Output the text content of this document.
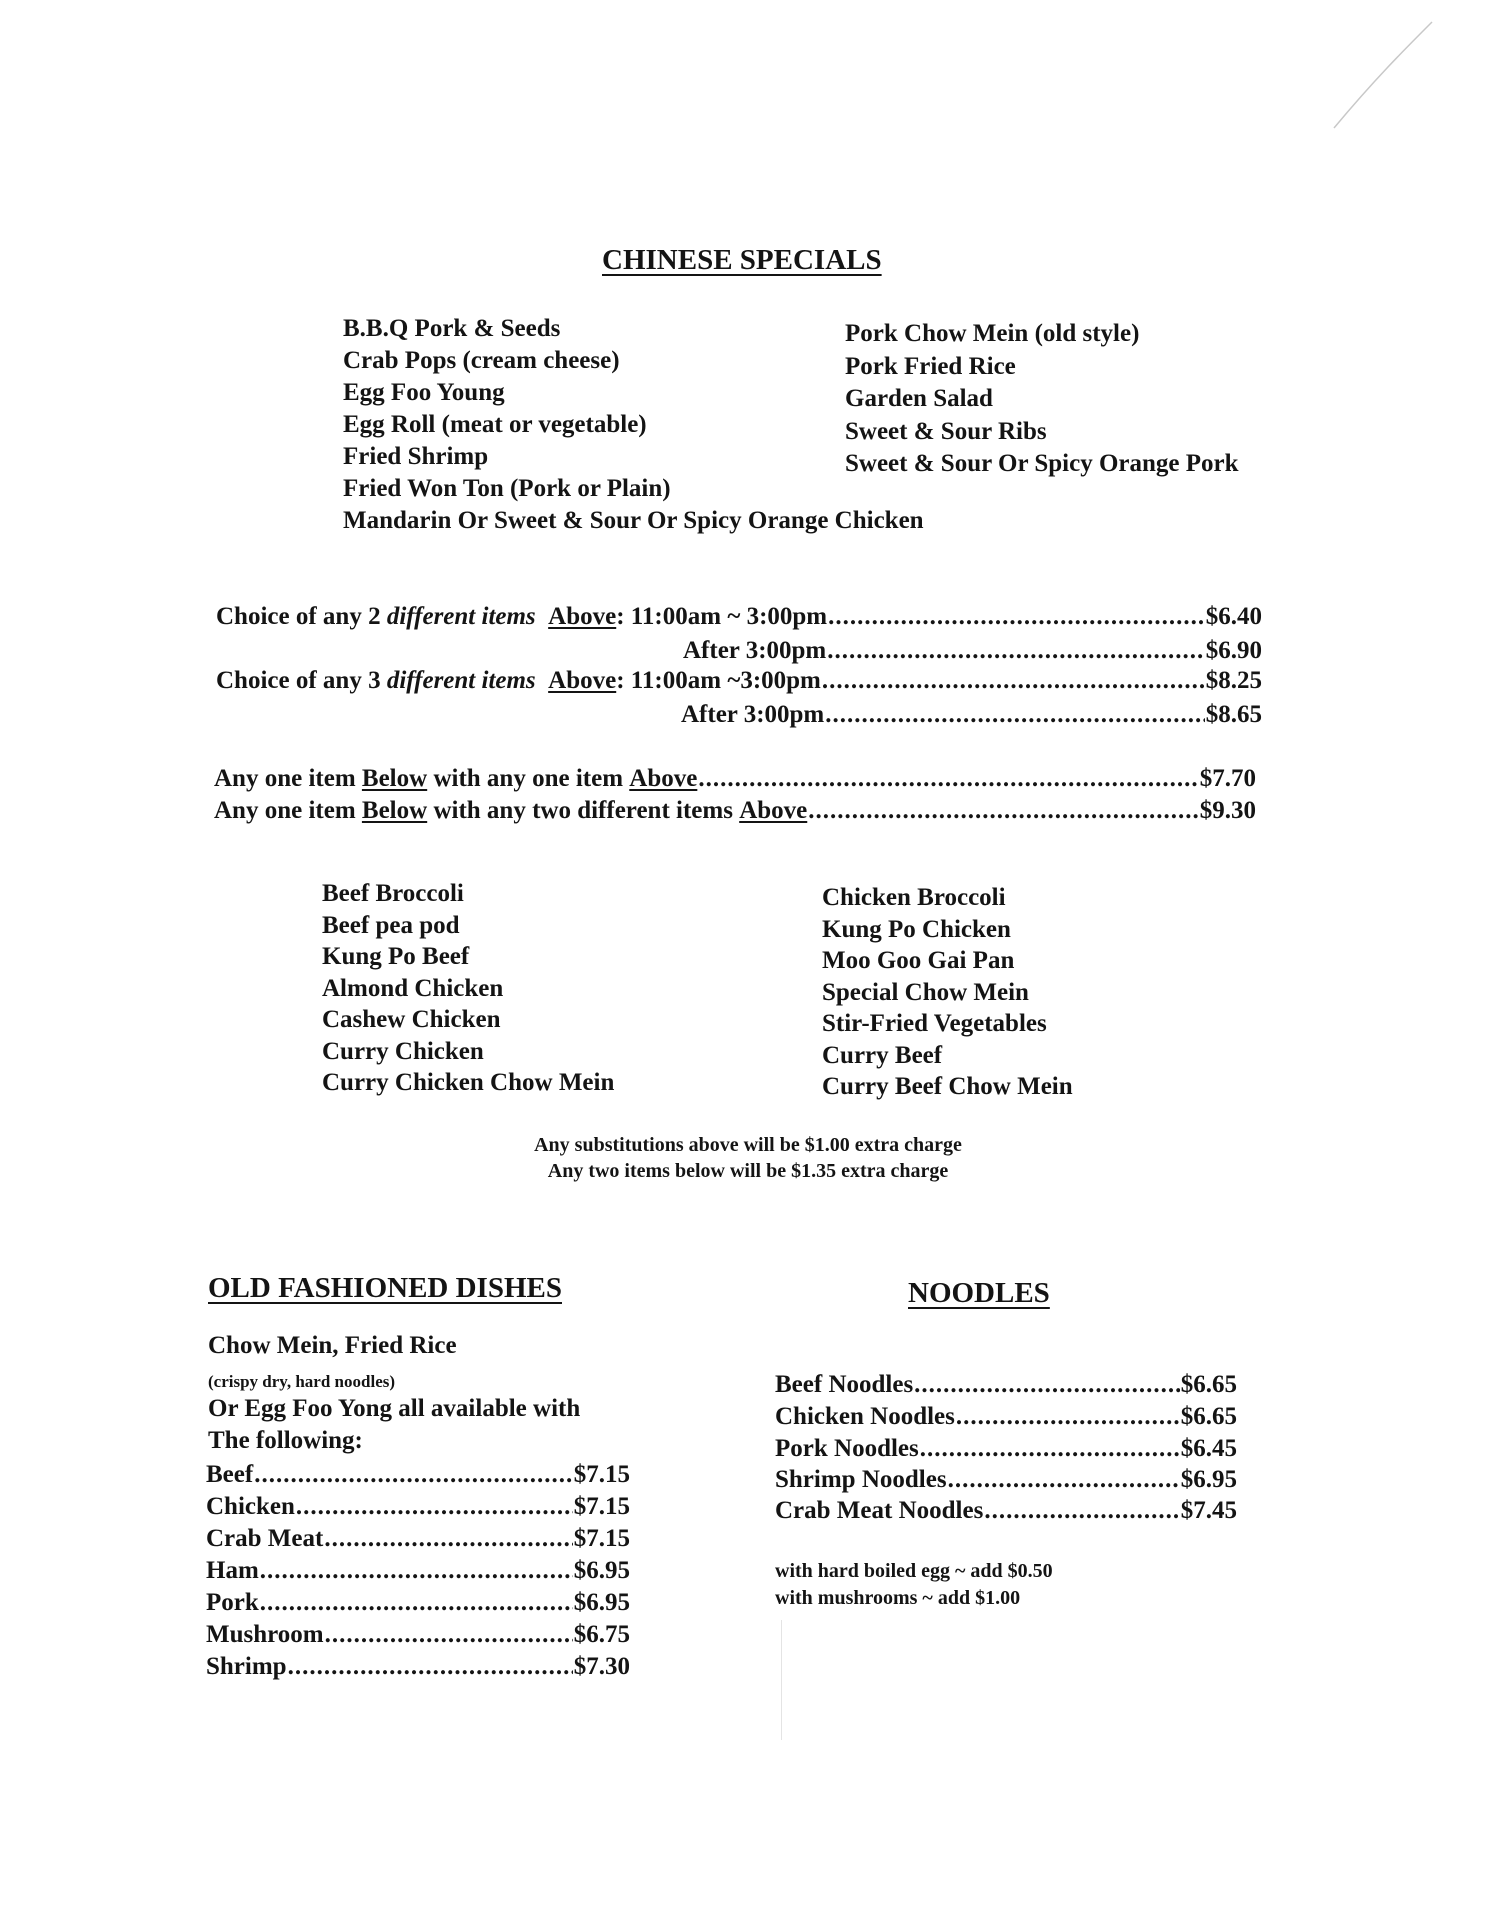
CHINESE SPECIALS
B.B.Q Pork & Seeds
Crab Pops (cream cheese)
Egg Foo Young
Egg Roll (meat or vegetable)
Fried Shrimp
Fried Won Ton (Pork or Plain)
Mandarin Or Sweet & Sour Or Spicy Orange Chicken
Pork Chow Mein (old style)
Pork Fried Rice
Garden Salad
Sweet & Sour Ribs
Sweet & Sour Or Spicy Orange Pork
Choice of any 2
different items
Above : 11:00am ~ 3:00pm .....	$6.40
After 3:00pm .....	$6.90
Choice of any 3
different items
Above : 11:00am ~3:00pm .....	$8.25
After 3:00pm .....	$8.65
Any one item
Below
with any one item
Above .....	$7.70
Any one item
Below
with any two different items
Above .....	$9.30
Beef Broccoli
Beef pea pod
Kung Po Beef
Almond Chicken
Cashew Chicken
Curry Chicken
Curry Chicken Chow Mein
Chicken Broccoli
Kung Po Chicken
Moo Goo Gai Pan
Special Chow Mein
Stir-Fried Vegetables
Curry Beef
Curry Beef Chow Mein
Any substitutions above will be $1.00 extra charge
Any two items below will be $1.35 extra charge
OLD FASHIONED DISHES
Chow Mein, Fried Rice
(crispy dry, hard noodles)
Or Egg Foo Yong all available with
The following:
Beef .....	$7.15
Chicken .....	$7.15
Crab Meat .....	$7.15
Ham .....	$6.95
Pork .....	$6.95
Mushroom .....	$6.75
Shrimp .....	$7.30
NOODLES
Beef Noodles .....	$6.65
Chicken Noodles .....	$6.65
Pork Noodles .....	$6.45
Shrimp Noodles .....	$6.95
Crab Meat Noodles .....	$7.45
with hard boiled egg ~ add $0.50
with mushrooms ~ add $1.00
